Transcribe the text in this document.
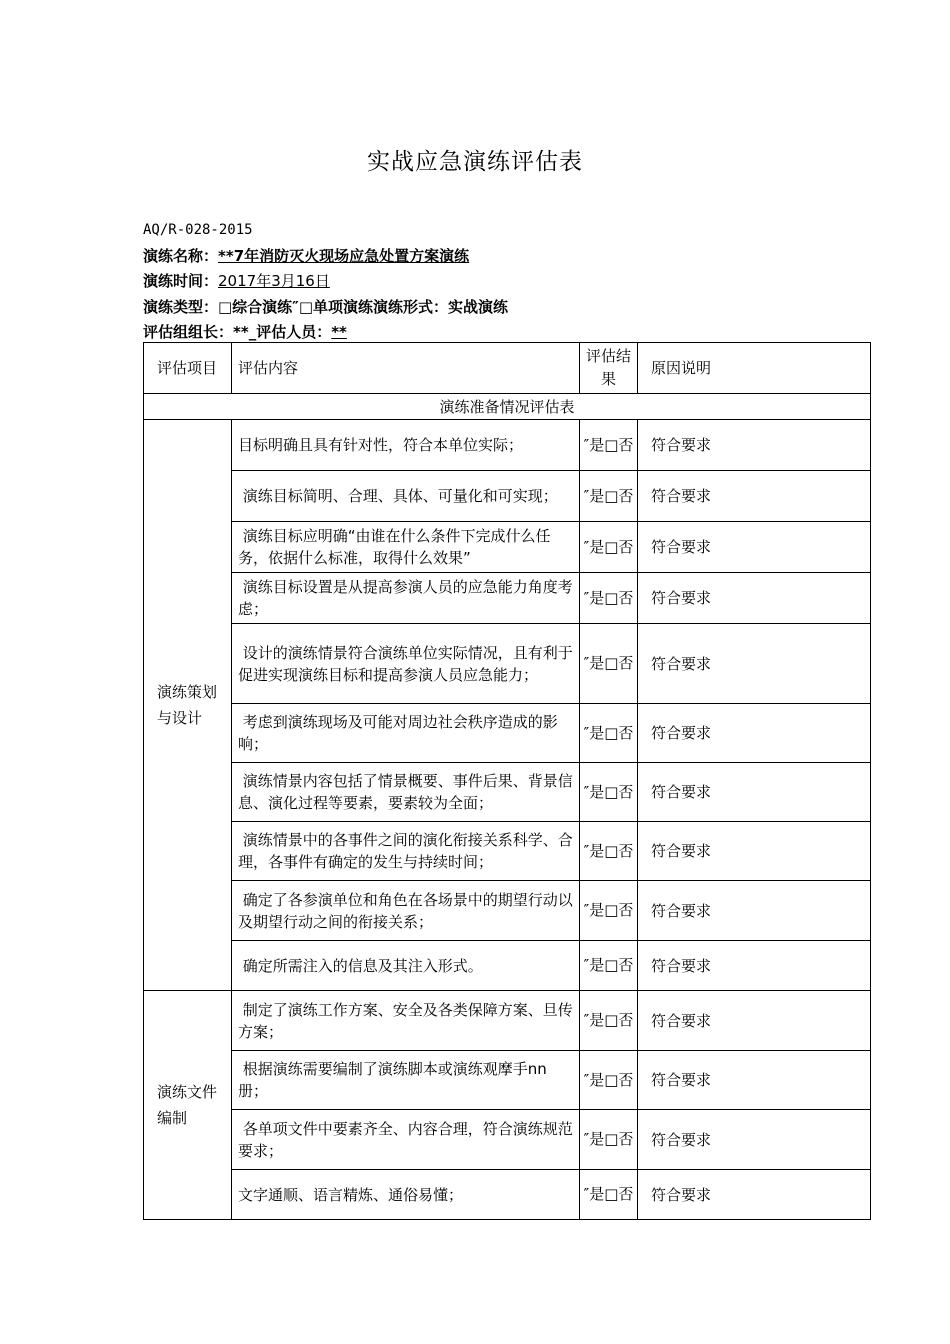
实战应急演练评估表
AQ/R-028-2015
演练名称：**7年消防灭火现场应急处置方案演练
演练时间：2017年3月16日
演练类型：□综合演练″□单项演练演练形式：实战演练
评估组组长：**_评估人员：**
评估项目	评估内容	评估结果	原因说明
演练准备情况评估表			
演练策划与设计	目标明确且具有针对性，符合本单位实际；	″是□否	符合要求
	演练目标简明、合理、具体、可量化和可实现；	″是□否	符合要求
	演练目标应明确“由谁在什么条件下完成什么任务，依据什么标准，取得什么效果”	″是□否	符合要求
	演练目标设置是从提高参演人员的应急能力角度考虑；	″是□否	符合要求
	设计的演练情景符合演练单位实际情况，且有利于促进实现演练目标和提高参演人员应急能力；	″是□否	符合要求
	考虑到演练现场及可能对周边社会秩序造成的影响；	″是□否	符合要求
	演练情景内容包括了情景概要、事件后果、背景信息、演化过程等要素，要素较为全面；	″是□否	符合要求
	演练情景中的各事件之间的演化衔接关系科学、合理，各事件有确定的发生与持续时间；	″是□否	符合要求
	确定了各参演单位和角色在各场景中的期望行动以及期望行动之间的衔接关系；	″是□否	符合要求
	确定所需注入的信息及其注入形式。	″是□否	符合要求
演练文件编制	制定了演练工作方案、安全及各类保障方案、旦传方案；	″是□否	符合要求
	根据演练需要编制了演练脚本或演练观摩手nn册；	″是□否	符合要求
	各单项文件中要素齐全、内容合理，符合演练规范要求；	″是□否	符合要求
	文字通顺、语言精炼、通俗易懂；	″是□否	符合要求
